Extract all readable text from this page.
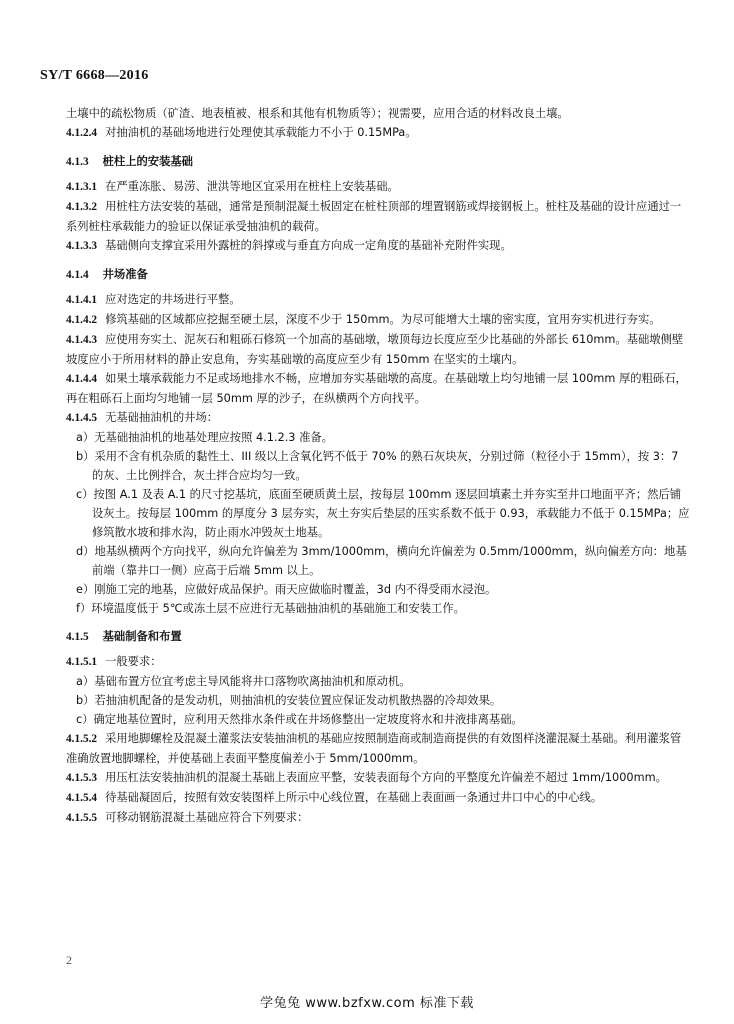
SY/T 6668—2016

土壤中的疏松物质（矿渣、地表植被、根系和其他有机物质等）；视需要，应用合适的材料改良土壤。

4.1.2.4 对抽油机的基础场地进行处理使其承载能力不小于 0.15MPa。

4.1.3 桩柱上的安装基础

4.1.3.1 在严重冻胀、易涝、泄洪等地区宜采用在桩柱上安装基础。

4.1.3.2 用桩柱方法安装的基础，通常是预制混凝土板固定在桩柱顶部的埋置钢筋或焊接钢板上。桩柱及基础的设计应通过一系列桩柱承载能力的验证以保证承受抽油机的载荷。

4.1.3.3 基础侧向支撑宜采用外露桩的斜撑或与垂直方向成一定角度的基础补充附件实现。

4.1.4 井场准备

4.1.4.1 应对选定的井场进行平整。

4.1.4.2 修筑基础的区域都应挖掘至硬土层，深度不少于 150mm。为尽可能增大土壤的密实度，宜用夯实机进行夯实。

4.1.4.3 应使用夯实土、泥灰石和粗砾石修筑一个加高的基础墩，墩顶每边长度应至少比基础的外部长 610mm。基础墩侧壁坡度应小于所用材料的静止安息角，夯实基础墩的高度应至少有 150mm 在坚实的土壤内。

4.1.4.4 如果土壤承载能力不足或场地排水不畅，应增加夯实基础墩的高度。在基础墩上均匀地铺一层 100mm 厚的粗砾石，再在粗砾石上面均匀地铺一层 50mm 厚的沙子，在纵横两个方向找平。

4.1.4.5 无基础抽油机的井场：

a）无基础抽油机的地基处理应按照 4.1.2.3 准备。

b）采用不含有机杂质的黏性土、III 级以上含氧化钙不低于 70% 的熟石灰块灰，分别过筛（粒径小于 15mm），按 3：7 的灰、土比例拌合，灰土拌合应均匀一致。

c）按图 A.1 及表 A.1 的尺寸挖基坑，底面至硬质黄土层，按每层 100mm 逐层回填素土并夯实至井口地面平齐；然后铺设灰土。按每层 100mm 的厚度分 3 层夯实，灰土夯实后垫层的压实系数不低于 0.93，承载能力不低于 0.15MPa；应修筑散水坡和排水沟，防止雨水冲毁灰土地基。

d）地基纵横两个方向找平，纵向允许偏差为 3mm/1000mm，横向允许偏差为 0.5mm/1000mm，纵向偏差方向：地基前端（靠井口一侧）应高于后端 5mm 以上。

e）刚施工完的地基，应做好成品保护。雨天应做临时覆盖，3d 内不得受雨水浸泡。

f）环境温度低于 5℃或冻土层不应进行无基础抽油机的基础施工和安装工作。

4.1.5 基础制备和布置

4.1.5.1 一般要求：

a）基础布置方位宜考虑主导风能将井口落物吹离抽油机和原动机。

b）若抽油机配备的是发动机，则抽油机的安装位置应保证发动机散热器的冷却效果。

c）确定地基位置时，应利用天然排水条件或在井场修整出一定坡度将水和井液排离基础。

4.1.5.2 采用地脚螺栓及混凝土灌浆法安装抽油机的基础应按照制造商或制造商提供的有效图样浇灌混凝土基础。利用灌浆管准确放置地脚螺栓，并使基础上表面平整度偏差小于 5mm/1000mm。

4.1.5.3 用压杠法安装抽油机的混凝土基础上表面应平整，安装表面每个方向的平整度允许偏差不超过 1mm/1000mm。

4.1.5.4 待基础凝固后，按照有效安装图样上所示中心线位置，在基础上表面画一条通过井口中心的中心线。

4.1.5.5 可移动钢筋混凝土基础应符合下列要求：

2
学兔兔 www.bzfxw.com 标准下载
